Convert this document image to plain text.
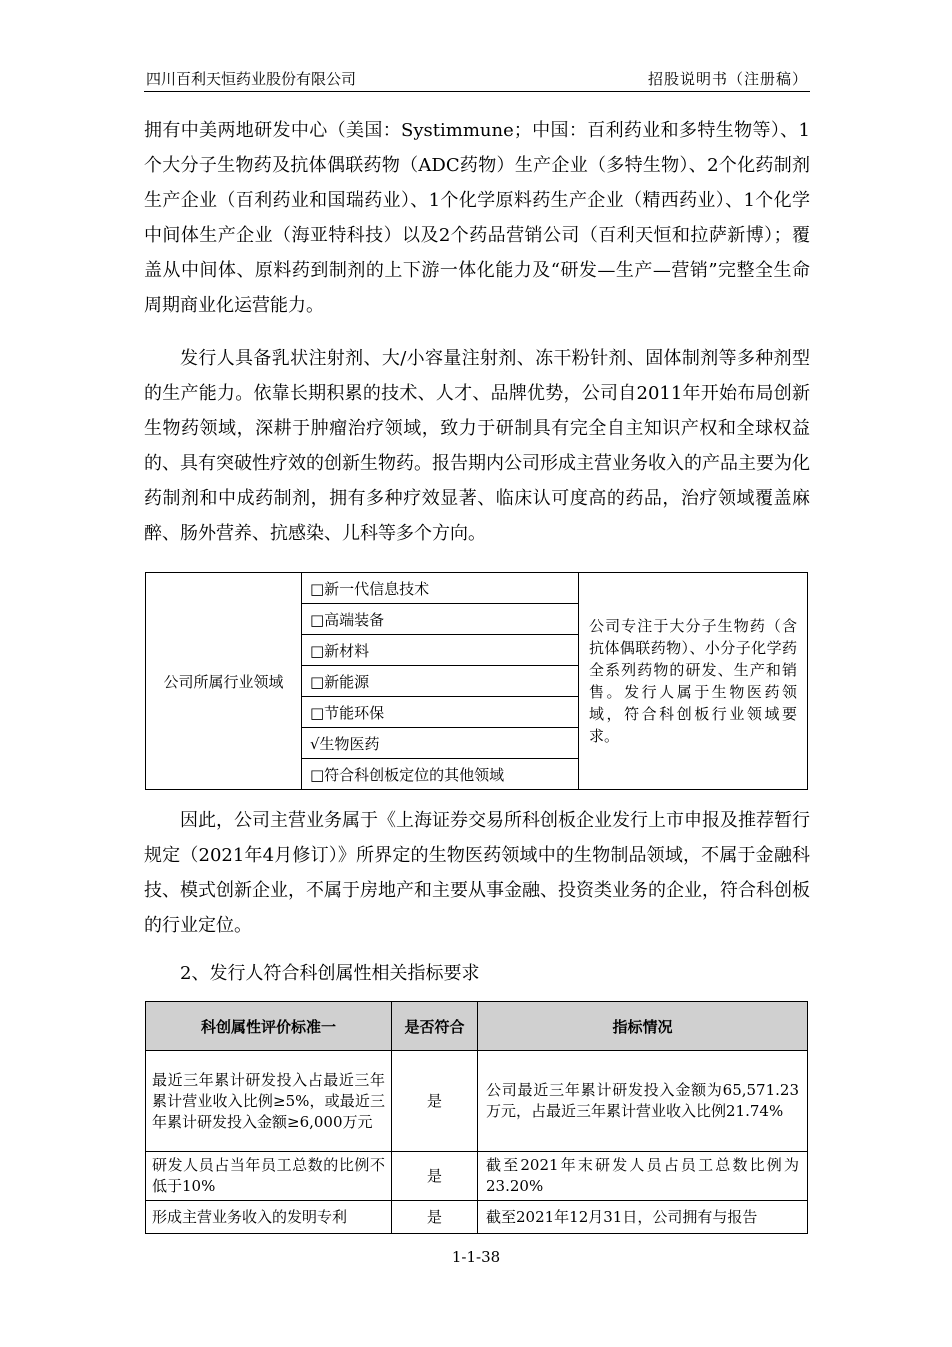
四川百利天恒药业股份有限公司	招股说明书（注册稿）
拥有中美两地研发中心（美国：Systimmune；中国：百利药业和多特生物等）、1个大分子生物药及抗体偶联药物（ADC药物）生产企业（多特生物）、2个化药制剂生产企业（百利药业和国瑞药业）、1个化学原料药生产企业（精西药业）、1个化学中间体生产企业（海亚特科技）以及2个药品营销公司（百利天恒和拉萨新博）；覆盖从中间体、原料药到制剂的上下游一体化能力及“研发—生产—营销”完整全生命周期商业化运营能力。
发行人具备乳状注射剂、大/小容量注射剂、冻干粉针剂、固体制剂等多种剂型的生产能力。依靠长期积累的技术、人才、品牌优势，公司自2011年开始布局创新生物药领域，深耕于肿瘤治疗领域，致力于研制具有完全自主知识产权和全球权益的、具有突破性疗效的创新生物药。报告期内公司形成主营业务收入的产品主要为化药制剂和中成药制剂，拥有多种疗效显著、临床认可度高的药品，治疗领域覆盖麻醉、肠外营养、抗感染、儿科等多个方向。
公司所属行业领域	□新一代信息技术	公司专注于大分子生物药（含抗体偶联药物）、小分子化学药全系列药物的研发、生产和销售。发行人属于生物医药领域，符合科创板行业领域要求。
□高端装备
□新材料
□新能源
□节能环保
√生物医药
□符合科创板定位的其他领域
因此，公司主营业务属于《上海证券交易所科创板企业发行上市申报及推荐暂行规定（2021年4月修订）》所界定的生物医药领域中的生物制品领域，不属于金融科技、模式创新企业，不属于房地产和主要从事金融、投资类业务的企业，符合科创板的行业定位。
2、发行人符合科创属性相关指标要求
科创属性评价标准一	是否符合	指标情况
最近三年累计研发投入占最近三年累计营业收入比例≥5%，或最近三年累计研发投入金额≥6,000万元	是	公司最近三年累计研发投入金额为65,571.23万元，占最近三年累计营业收入比例21.74%
研发人员占当年员工总数的比例不低于10%	是	截至2021年末研发人员占员工总数比例为23.20%
形成主营业务收入的发明专利	是	截至2021年12月31日，公司拥有与报告
1-1-38
